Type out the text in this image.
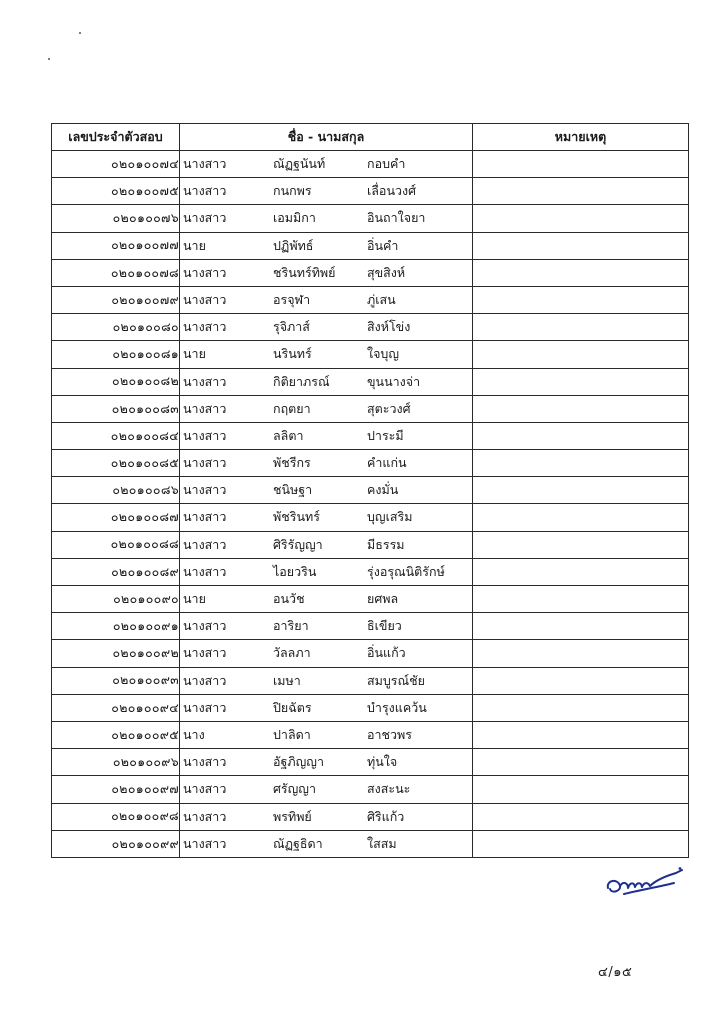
เลขประจำตัวสอบ	ชื่อ - นามสกุล	หมายเหตุ
๐๒๐๑๐๐๗๔	นางสาว ณัฏฐนันท์ กอบคำ	

๐๒๐๑๐๐๗๕	นางสาว กนกพร เลื่อนวงศ์	

๐๒๐๑๐๐๗๖	นางสาว เอมมิกา อินถาใจยา	

๐๒๐๑๐๐๗๗	นาย ปฏิพัทธ์ อิ่นคำ	

๐๒๐๑๐๐๗๘	นางสาว ชรินทร์ทิพย์ สุขสิงห์	

๐๒๐๑๐๐๗๙	นางสาว อรจุฬา ภู่เสน	

๐๒๐๑๐๐๘๐	นางสาว รุจิภาส์ สิงห์โข่ง	

๐๒๐๑๐๐๘๑	นาย นรินทร์ ใจบุญ	

๐๒๐๑๐๐๘๒	นางสาว กิติยาภรณ์ ขุนนางจ่า	

๐๒๐๑๐๐๘๓	นางสาว กฤตยา สุตะวงศ์	

๐๒๐๑๐๐๘๔	นางสาว ลลิตา ปาระมี	

๐๒๐๑๐๐๘๕	นางสาว พัชรีกร คำแก่น	

๐๒๐๑๐๐๘๖	นางสาว ชนิษฐา คงมั่น	

๐๒๐๑๐๐๘๗	นางสาว พัชรินทร์ บุญเสริม	

๐๒๐๑๐๐๘๘	นางสาว ศิริรัญญา มีธรรม	

๐๒๐๑๐๐๘๙	นางสาว ไอยวริน รุ่งอรุณนิติรักษ์	

๐๒๐๑๐๐๙๐	นาย อนวัช ยศพล	

๐๒๐๑๐๐๙๑	นางสาว อาริยา ธิเขียว	

๐๒๐๑๐๐๙๒	นางสาว วัลลภา อิ่นแก้ว	

๐๒๐๑๐๐๙๓	นางสาว เมษา สมบูรณ์ชัย	

๐๒๐๑๐๐๙๔	นางสาว ปิยฉัตร บำรุงแคว้น	

๐๒๐๑๐๐๙๕	นาง ปาลิดา อาชวพร	

๐๒๐๑๐๐๙๖	นางสาว อัฐภิญญา ทุ่นใจ	

๐๒๐๑๐๐๙๗	นางสาว ศรัญญา สงสะนะ	

๐๒๐๑๐๐๙๘	นางสาว พรทิพย์ ศิริแก้ว	

๐๒๐๑๐๐๙๙	นางสาว ณัฏฐธิดา ใสสม	

๔/๑๕
